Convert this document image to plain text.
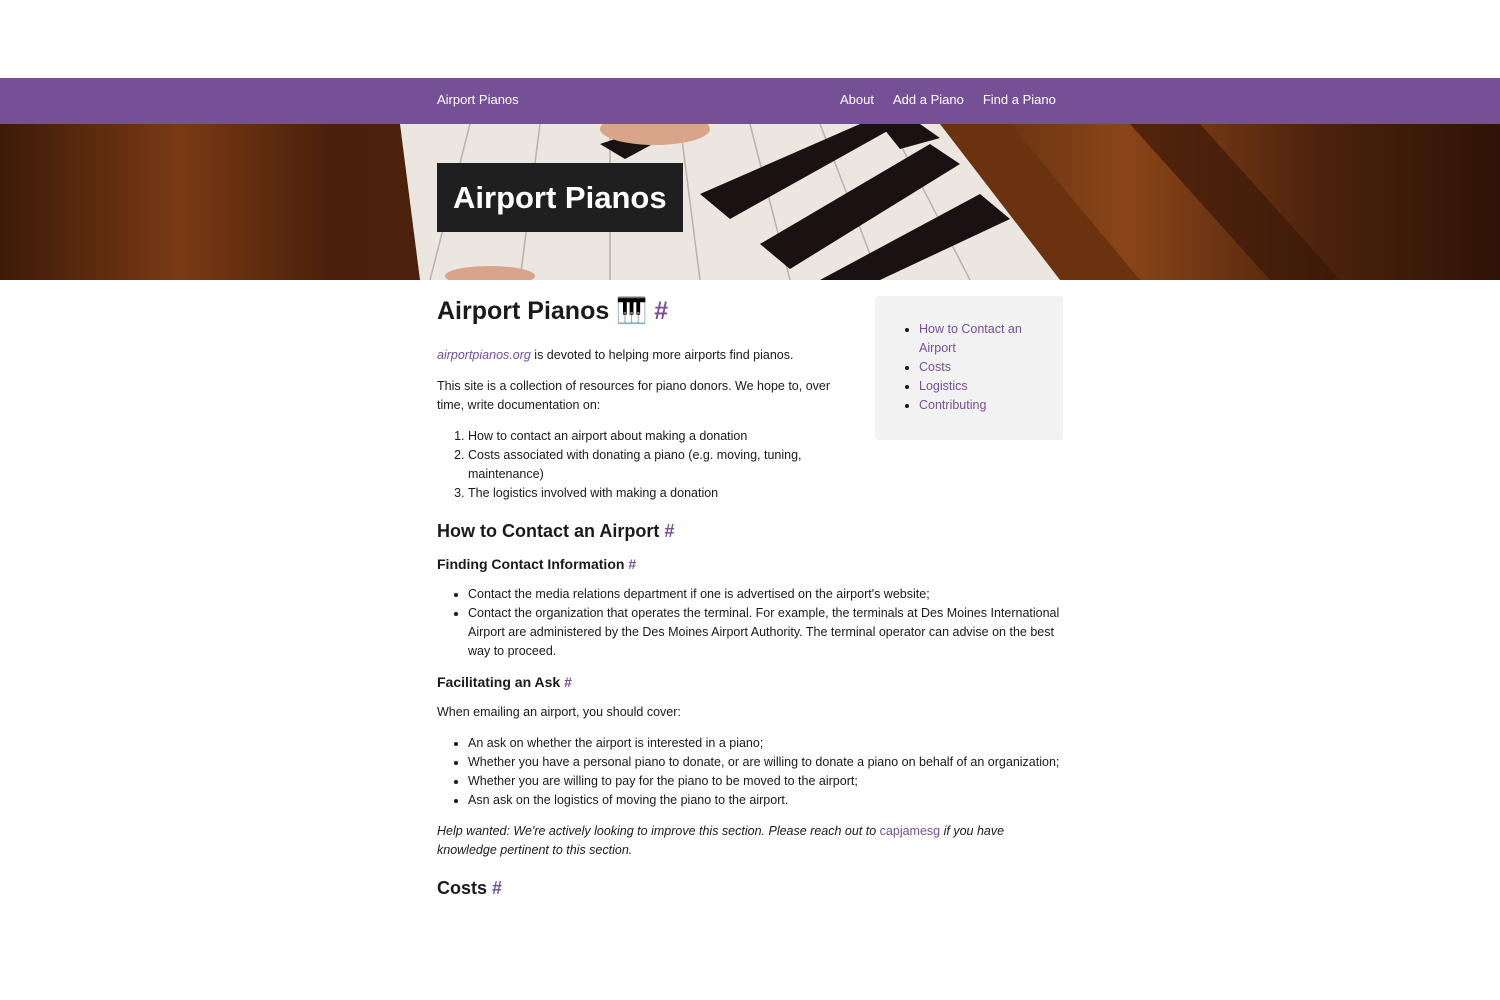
Airport Pianos	About Add a Piano Find a Piano
Airport Pianos
Airport Pianos 🎹 #

airportpianos.org is devoted to helping more airports find pianos.

This site is a collection of resources for piano donors. We hope to, over time, write documentation on:

1. How to contact an airport about making a donation
2. Costs associated with donating a piano (e.g. moving, tuning, maintenance)
3. The logistics involved with making a donation
How to Contact an Airport #
Finding Contact Information #
• Contact the media relations department if one is advertised on the airport's website;
• Contact the organization that operates the terminal. For example, the terminals at Des Moines International Airport are administered by the Des Moines Airport Authority. The terminal operator can advise on the best way to proceed.
Facilitating an Ask #

When emailing an airport, you should cover:

• An ask on whether the airport is interested in a piano;
• Whether you have a personal piano to donate, or are willing to donate a piano on behalf of an organization;
• Whether you are willing to pay for the piano to be moved to the airport;
• Asn ask on the logistics of moving the piano to the airport.

Help wanted: We're actively looking to improve this section. Please reach out to capjamesg if you have knowledge pertinent to this section.

Costs #
• How to Contact an Airport
• Costs
• Logistics
• Contributing
